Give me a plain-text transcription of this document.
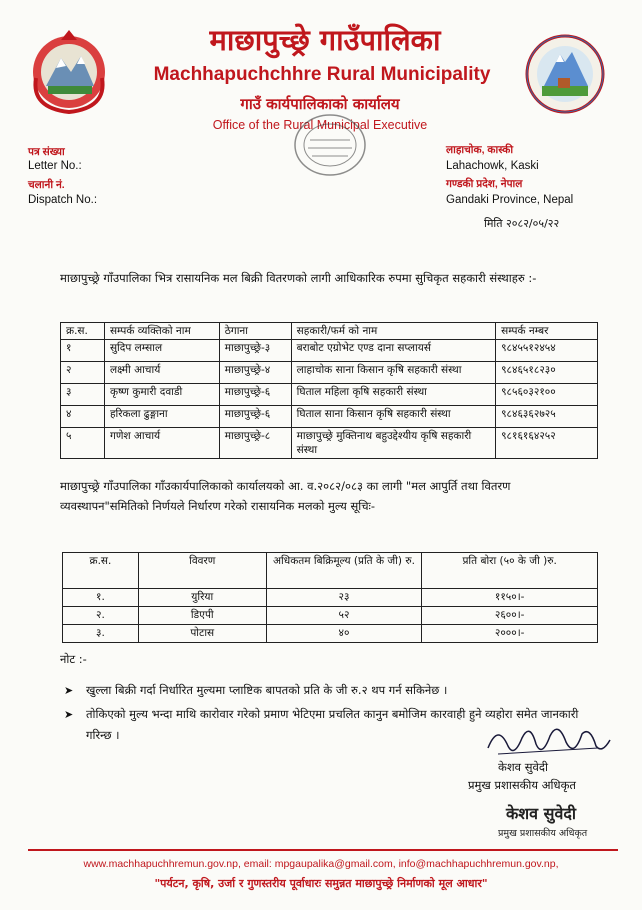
माछापुच्छ्रे गाउँपालिका
Machhapuchchhre Rural Municipality
गाउँ कार्यपालिकाको कार्यालय
Office of the Rural Municipal Executive
पत्र संख्या
Letter No.:
चलानी नं.
Dispatch No.:
लाहाचोक, कास्की
Lahachowk, Kaski
गण्डकी प्रदेश, नेपाल
Gandaki Province, Nepal
मिति २०८२/०५/२२
माछापुच्छ्रे गाँउपालिका भित्र रासायनिक मल बिक्री वितरणको लागी आधिकारिक रुपमा सुचिकृत सहकारी संस्थाहरु :-
क्र.स.	सम्पर्क व्यक्तिको नाम	ठेगाना	सहकारी/फर्म को नाम	सम्पर्क नम्बर
१	सुदिप लम्साल	माछापुच्छ्रे-३	बराबोट एग्रोभेट एण्ड दाना सप्लायर्स	९८४५५१२४५४
२	लक्ष्मी आचार्य	माछापुच्छ्रे-४	लाहाचोक साना किसान कृषि सहकारी संस्था	९८४६५१८२३०
३	कृष्ण कुमारी दवाडी	माछापुच्छ्रे-६	घिताल महिला कृषि सहकारी संस्था	९८५६०३२१००
४	हरिकला ढुङ्गाना	माछापुच्छ्रे-६	घिताल साना किसान कृषि सहकारी संस्था	९८४६३६२७२५
५	गणेश आचार्य	माछापुच्छ्रे-८	माछापुच्छ्रे मुक्तिनाथ बहुउद्देश्यीय कृषि सहकारी संस्था	९८१६१६४२५२
माछापुच्छ्रे गाँउपालिका गाँउकार्यपालिकाको कार्यालयको आ. व.२०८२/०८३ का लागी "मल आपुर्ति तथा वितरण व्यवस्थापन"समितिको निर्णयले निर्धारण गरेको रासायनिक मलको मुल्य सूचिः-
क्र.स.	विवरण	अधिकतम बिक्रिमूल्य (प्रति के जी) रु.	प्रति बोरा (५० के जी )रु.
१.	युरिया	२३	११५०।-
२.	डिएपी	५२	२६००।-
३.	पोटास	४०	२०००।-
नोट :-
➤ खुल्ला बिक्री गर्दा निर्धारित मुल्यमा प्लाष्टिक बापतको प्रति के जी रु.२ थप गर्न सकिनेछ ।
➤ तोकिएको मुल्य भन्दा माथि कारोवार गरेको प्रमाण भेटिएमा प्रचलित कानुन बमोजिम कारवाही हुने व्यहोरा समेत जानकारी गरिन्छ ।
केशव सुवेदी
प्रमुख प्रशासकीय अधिकृत
केशव सुवेदी
प्रमुख प्रशासकीय अधिकृत
www.machhapuchhremun.gov.np, email: mpgaupalika@gmail.com, info@machhapuchhremun.gov.np,
"पर्यटन, कृषि, उर्जा र गुणस्तरीय पूर्वाधारः समुन्नत माछापुच्छ्रे निर्माणको मूल आधार"
